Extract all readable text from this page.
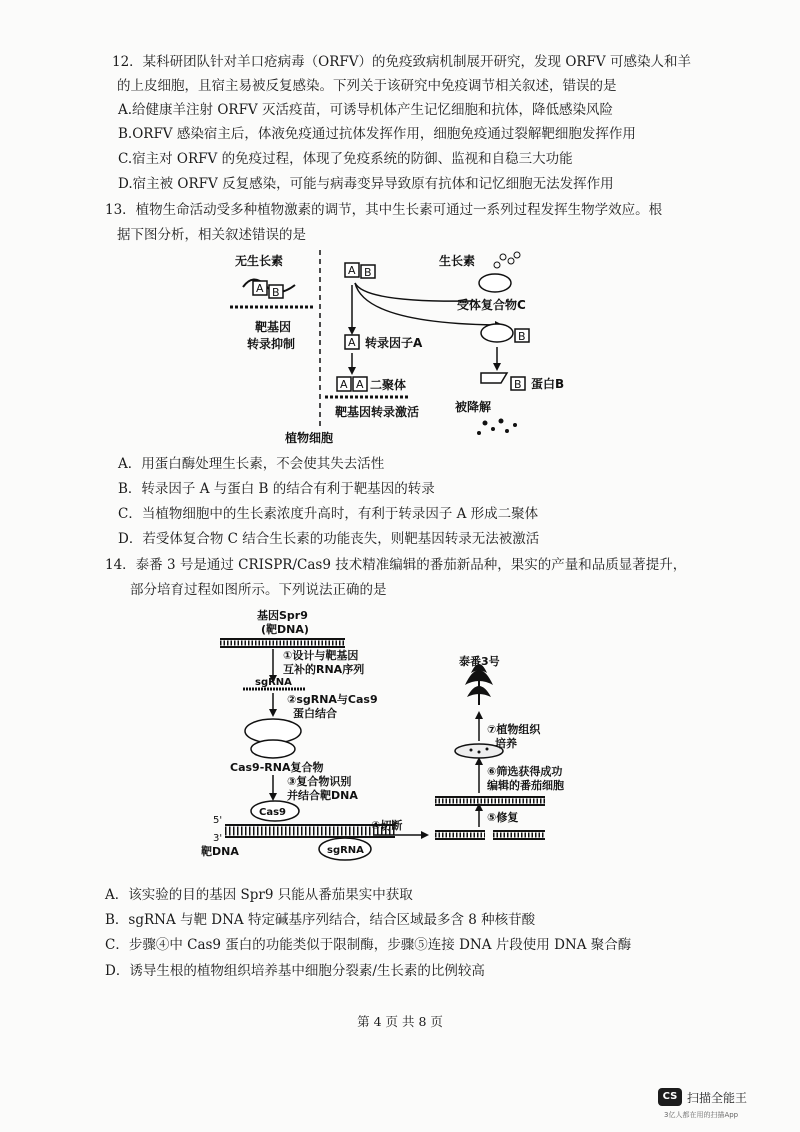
12．某科研团队针对羊口疮病毒（ORFV）的免疫致病机制展开研究，发现 ORFV 可感染人和羊
的上皮细胞，且宿主易被反复感染。下列关于该研究中免疫调节相关叙述，错误的是
A.给健康羊注射 ORFV 灭活疫苗，可诱导机体产生记忆细胞和抗体，降低感染风险
B.ORFV 感染宿主后，体液免疫通过抗体发挥作用，细胞免疫通过裂解靶细胞发挥作用
C.宿主对 ORFV 的免疫过程，体现了免疫系统的防御、监视和自稳三大功能
D.宿主被 ORFV 反复感染，可能与病毒变异导致原有抗体和记忆细胞无法发挥作用
13．植物生命活动受多种植物激素的调节，其中生长素可通过一系列过程发挥生物学效应。根
据下图分析，相关叙述错误的是
无生长素
A B
靶基因
转录抑制
A B
生长素
受体复合物C
A 转录因子A
A A 二聚体
靶基因转录激活
植物细胞
B
B 蛋白B
被降解
A．用蛋白酶处理生长素，不会使其失去活性
B．转录因子 A 与蛋白 B 的结合有利于靶基因的转录
C．当植物细胞中的生长素浓度升高时，有利于转录因子 A 形成二聚体
D．若受体复合物 C 结合生长素的功能丧失，则靶基因转录无法被激活
14．泰番 3 号是通过 CRISPR/Cas9 技术精准编辑的番茄新品种，果实的产量和品质显著提升，
部分培育过程如图所示。下列说法正确的是
基因Spr9
(靶DNA)
①设计与靶基因
互补的RNA序列
sgRNA
②sgRNA与Cas9
蛋白结合
Cas9-RNA复合物
③复合物识别
并结合靶DNA
Cas9
5'
3'
sgRNA
靶DNA
④切断
⑤修复
⑥筛选获得成功
编辑的番茄细胞
⑦植物组织
培养
泰番3号
A．该实验的目的基因 Spr9 只能从番茄果实中获取
B．sgRNA 与靶 DNA 特定碱基序列结合，结合区域最多含 8 种核苷酸
C．步骤④中 Cas9 蛋白的功能类似于限制酶，步骤⑤连接 DNA 片段使用 DNA 聚合酶
D．诱导生根的植物组织培养基中细胞分裂素/生长素的比例较高
第 4 页 共 8 页
CS 扫描全能王
3亿人都在用的扫描App
